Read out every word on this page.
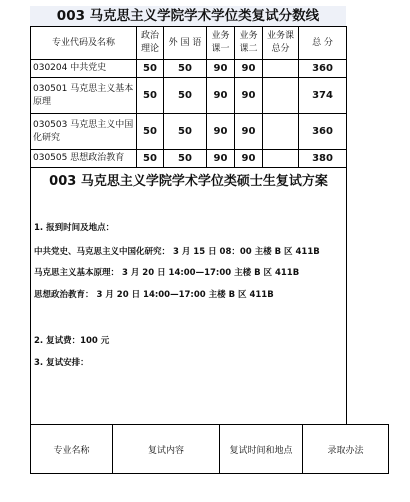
003 马克思主义学院学术学位类复试分数线
专业代码及名称	政治理论	外 国 语	业务课一	业务课二	业务课总分	总 分
030204 中共党史	50	50	90	90		360
030501 马克思主义基本原理	50	50	90	90		374
030503 马克思主义中国化研究	50	50	90	90		360
030505 思想政治教育	50	50	90	90		380
003 马克思主义学院学术学位类硕士生复试方案
1. 报到时间及地点：
中共党史、马克思主义中国化研究： 3 月 15 日 08：00 主楼 B 区 411B
马克思主义基本原理： 3 月 20 日 14:00—17:00 主楼 B 区 411B
思想政治教育： 3 月 20 日 14:00—17:00 主楼 B 区 411B
2. 复试费：100 元
3. 复试安排：
专业名称	复试内容	复试时间和地点	录取办法
